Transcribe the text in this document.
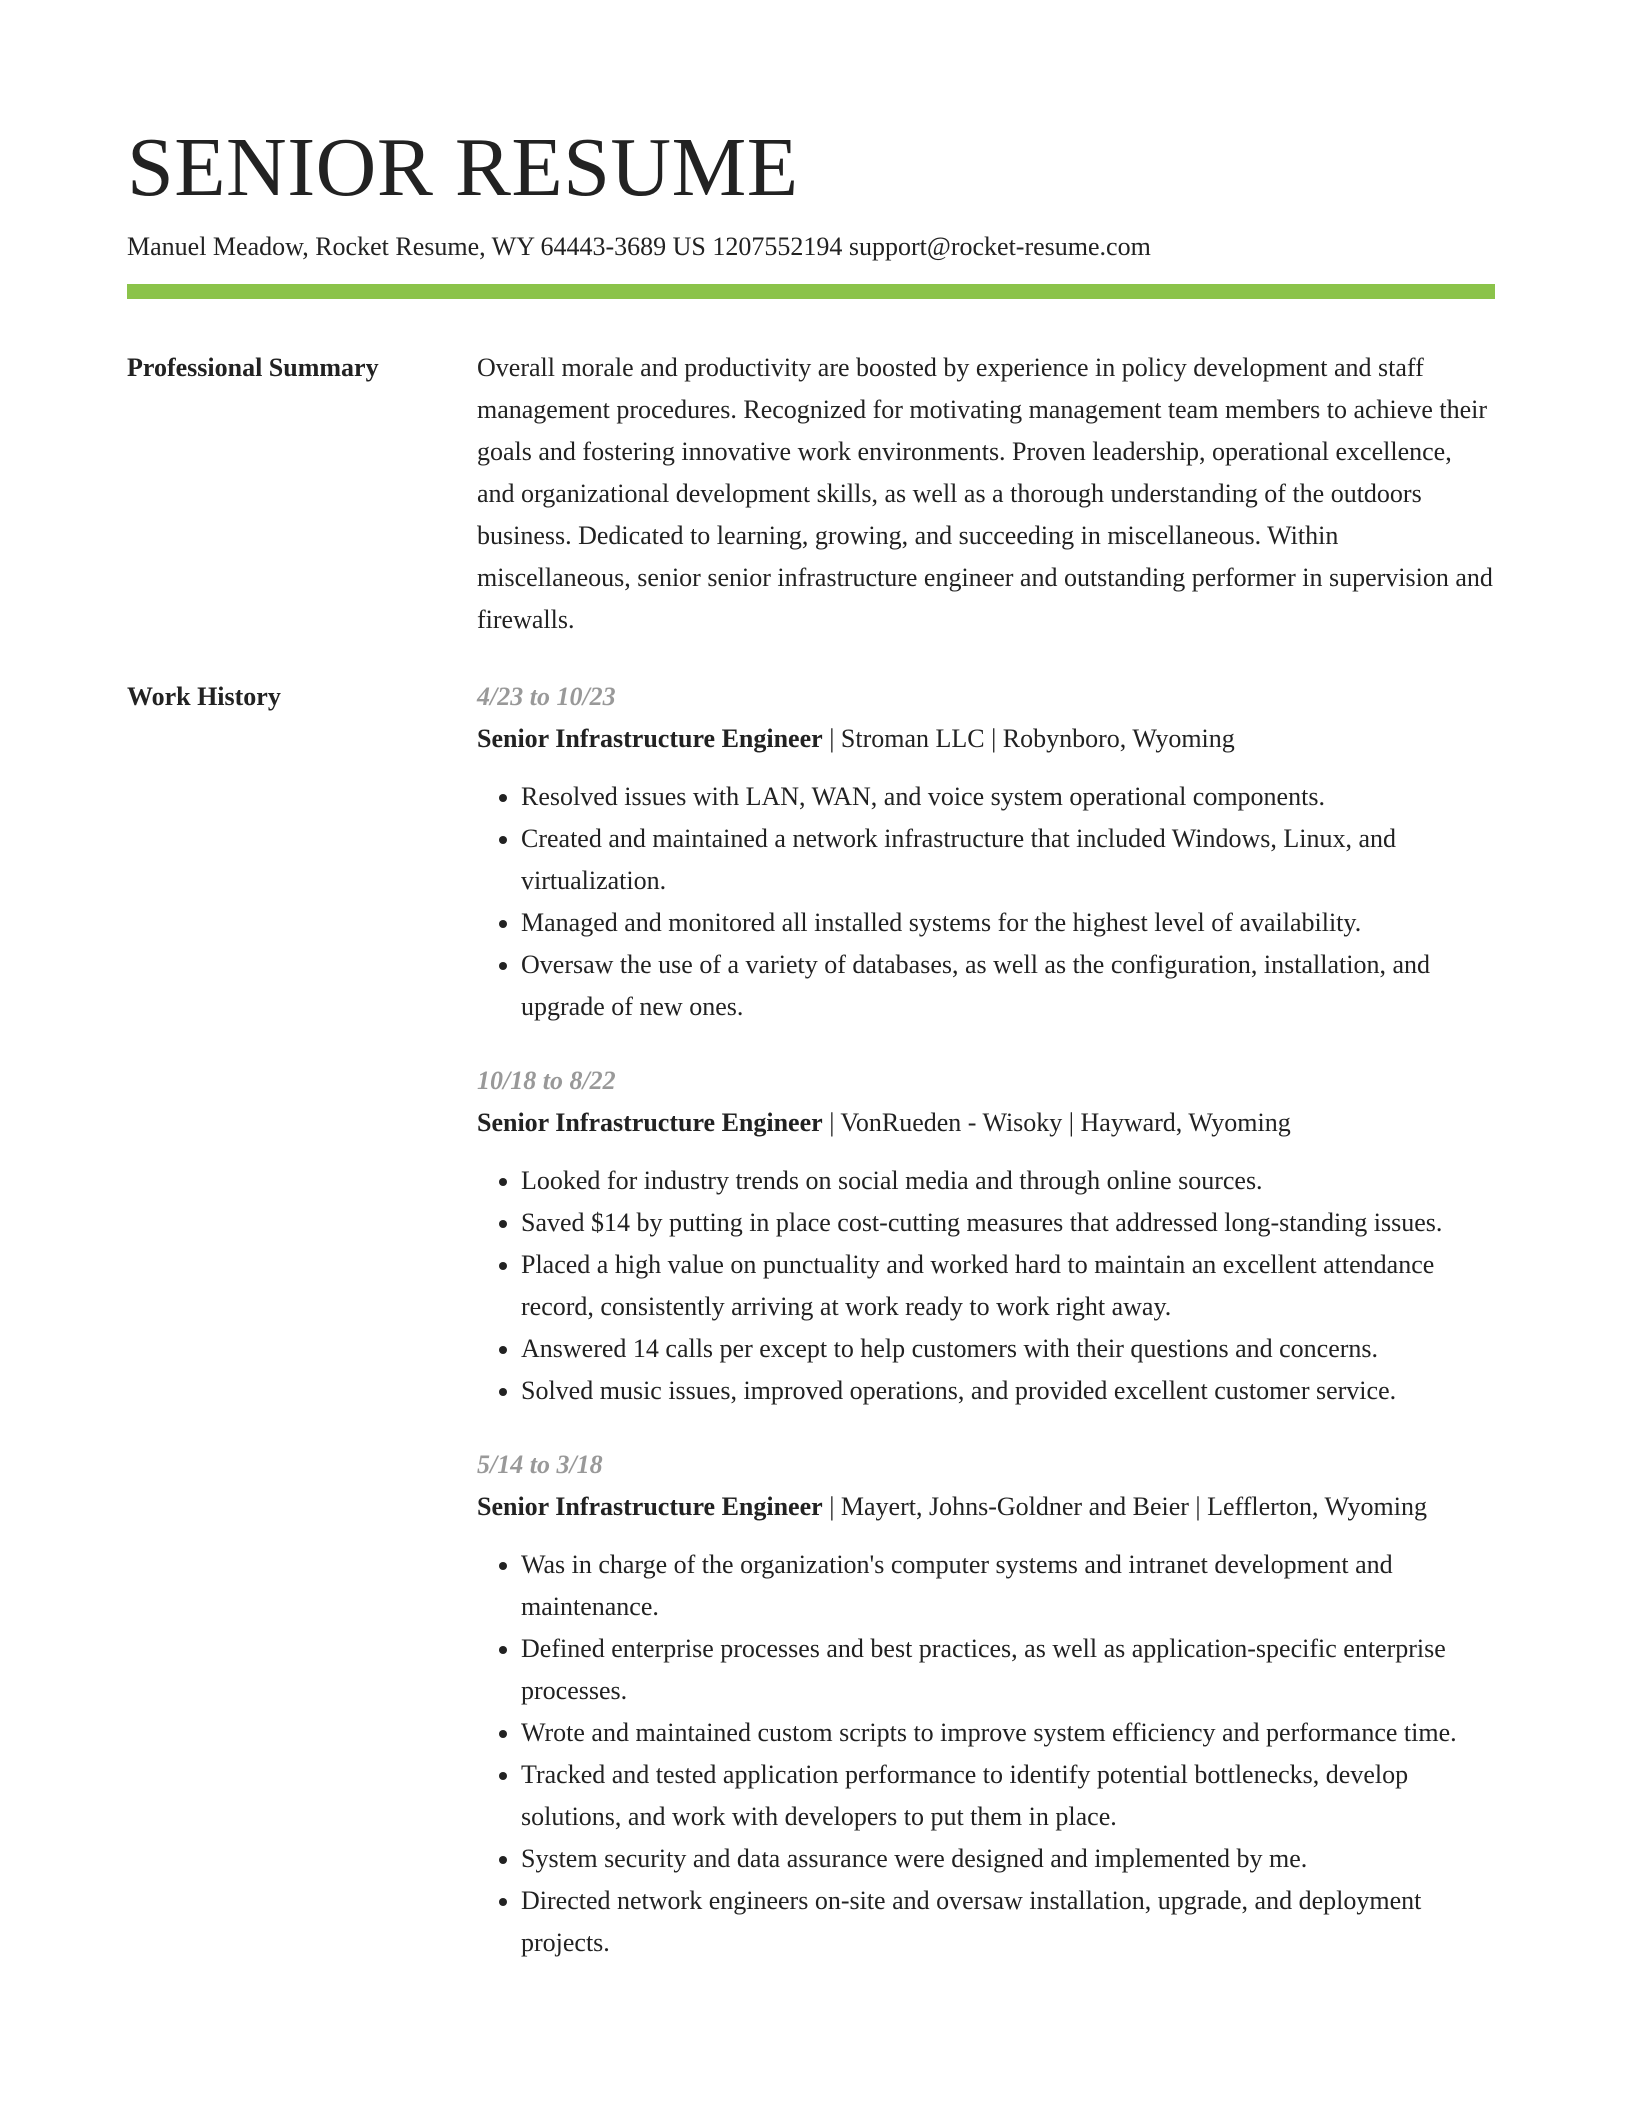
SENIOR RESUME
Manuel Meadow, Rocket Resume, WY 64443-3689 US 1207552194 support@rocket-resume.com
Professional Summary	Overall morale and productivity are boosted by experience in policy development and staff management procedures. Recognized for motivating management team members to achieve their goals and fostering innovative work environments. Proven leadership, operational excellence, and organizational development skills, as well as a thorough understanding of the outdoors business. Dedicated to learning, growing, and succeeding in miscellaneous. Within miscellaneous, senior senior infrastructure engineer and outstanding performer in supervision and firewalls.

Work History	4/23 to 10/23
Senior Infrastructure Engineer | Stroman LLC | Robynboro, Wyoming
• Resolved issues with LAN, WAN, and voice system operational components.
• Created and maintained a network infrastructure that included Windows, Linux, and virtualization.
• Managed and monitored all installed systems for the highest level of availability.
• Oversaw the use of a variety of databases, as well as the configuration, installation, and upgrade of new ones.
10/18 to 8/22
Senior Infrastructure Engineer | VonRueden - Wisoky | Hayward, Wyoming
• Looked for industry trends on social media and through online sources.
• Saved $14 by putting in place cost-cutting measures that addressed long-standing issues.
• Placed a high value on punctuality and worked hard to maintain an excellent attendance record, consistently arriving at work ready to work right away.
• Answered 14 calls per except to help customers with their questions and concerns.
• Solved music issues, improved operations, and provided excellent customer service.
5/14 to 3/18
Senior Infrastructure Engineer | Mayert, Johns-Goldner and Beier | Lefflerton, Wyoming
• Was in charge of the organization's computer systems and intranet development and maintenance.
• Defined enterprise processes and best practices, as well as application-specific enterprise processes.
• Wrote and maintained custom scripts to improve system efficiency and performance time.
• Tracked and tested application performance to identify potential bottlenecks, develop solutions, and work with developers to put them in place.
• System security and data assurance were designed and implemented by me.
• Directed network engineers on-site and oversaw installation, upgrade, and deployment projects.
